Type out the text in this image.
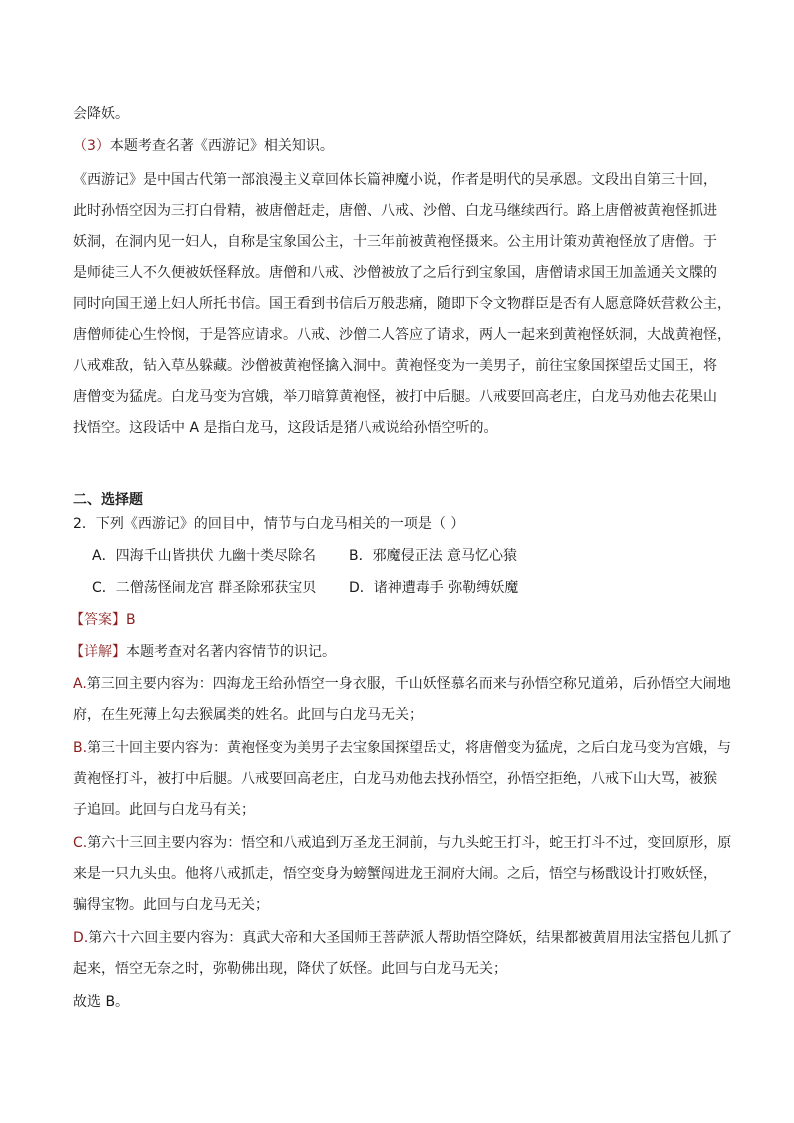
会降妖。
（3）本题考查名著《西游记》相关知识。
《西游记》是中国古代第一部浪漫主义章回体长篇神魔小说，作者是明代的吴承恩。文段出自第三十回，
此时孙悟空因为三打白骨精，被唐僧赶走，唐僧、八戒、沙僧、白龙马继续西行。路上唐僧被黄袍怪抓进
妖洞，在洞内见一妇人，自称是宝象国公主，十三年前被黄袍怪摄来。公主用计策劝黄袍怪放了唐僧。于
是师徒三人不久便被妖怪释放。唐僧和八戒、沙僧被放了之后行到宝象国，唐僧请求国王加盖通关文牒的
同时向国王递上妇人所托书信。国王看到书信后万般悲痛，随即下令文物群臣是否有人愿意降妖营救公主，
唐僧师徒心生怜悯，于是答应请求。八戒、沙僧二人答应了请求，两人一起来到黄袍怪妖洞，大战黄袍怪，
八戒难敌，钻入草丛躲藏。沙僧被黄袍怪擒入洞中。黄袍怪变为一美男子，前往宝象国探望岳丈国王，将
唐僧变为猛虎。白龙马变为宫娥，举刀暗算黄袍怪，被打中后腿。八戒要回高老庄，白龙马劝他去花果山
找悟空。这段话中 A 是指白龙马，这段话是猪八戒说给孙悟空听的。
二、选择题
2．下列《西游记》的回目中，情节与白龙马相关的一项是（ ）
A．四海千山皆拱伏 九幽十类尽除名 B．邪魔侵正法 意马忆心猿
C．二僧荡怪闹龙宫 群圣除邪获宝贝 D．诸神遭毒手 弥勒缚妖魔
【答案】B
【详解】本题考查对名著内容情节的识记。
A.第三回主要内容为：四海龙王给孙悟空一身衣服，千山妖怪慕名而来与孙悟空称兄道弟，后孙悟空大闹地
府，在生死薄上勾去猴属类的姓名。此回与白龙马无关；
B.第三十回主要内容为：黄袍怪变为美男子去宝象国探望岳丈，将唐僧变为猛虎，之后白龙马变为宫娥，与
黄袍怪打斗，被打中后腿。八戒要回高老庄，白龙马劝他去找孙悟空，孙悟空拒绝，八戒下山大骂，被猴
子追回。此回与白龙马有关；
C.第六十三回主要内容为：悟空和八戒追到万圣龙王洞前，与九头蛇王打斗，蛇王打斗不过，变回原形，原
来是一只九头虫。他将八戒抓走，悟空变身为螃蟹闯进龙王洞府大闹。之后，悟空与杨戬设计打败妖怪，
骗得宝物。此回与白龙马无关；
D.第六十六回主要内容为：真武大帝和大圣国师王菩萨派人帮助悟空降妖，结果都被黄眉用法宝搭包儿抓了
起来，悟空无奈之时，弥勒佛出现，降伏了妖怪。此回与白龙马无关；
故选 B。
